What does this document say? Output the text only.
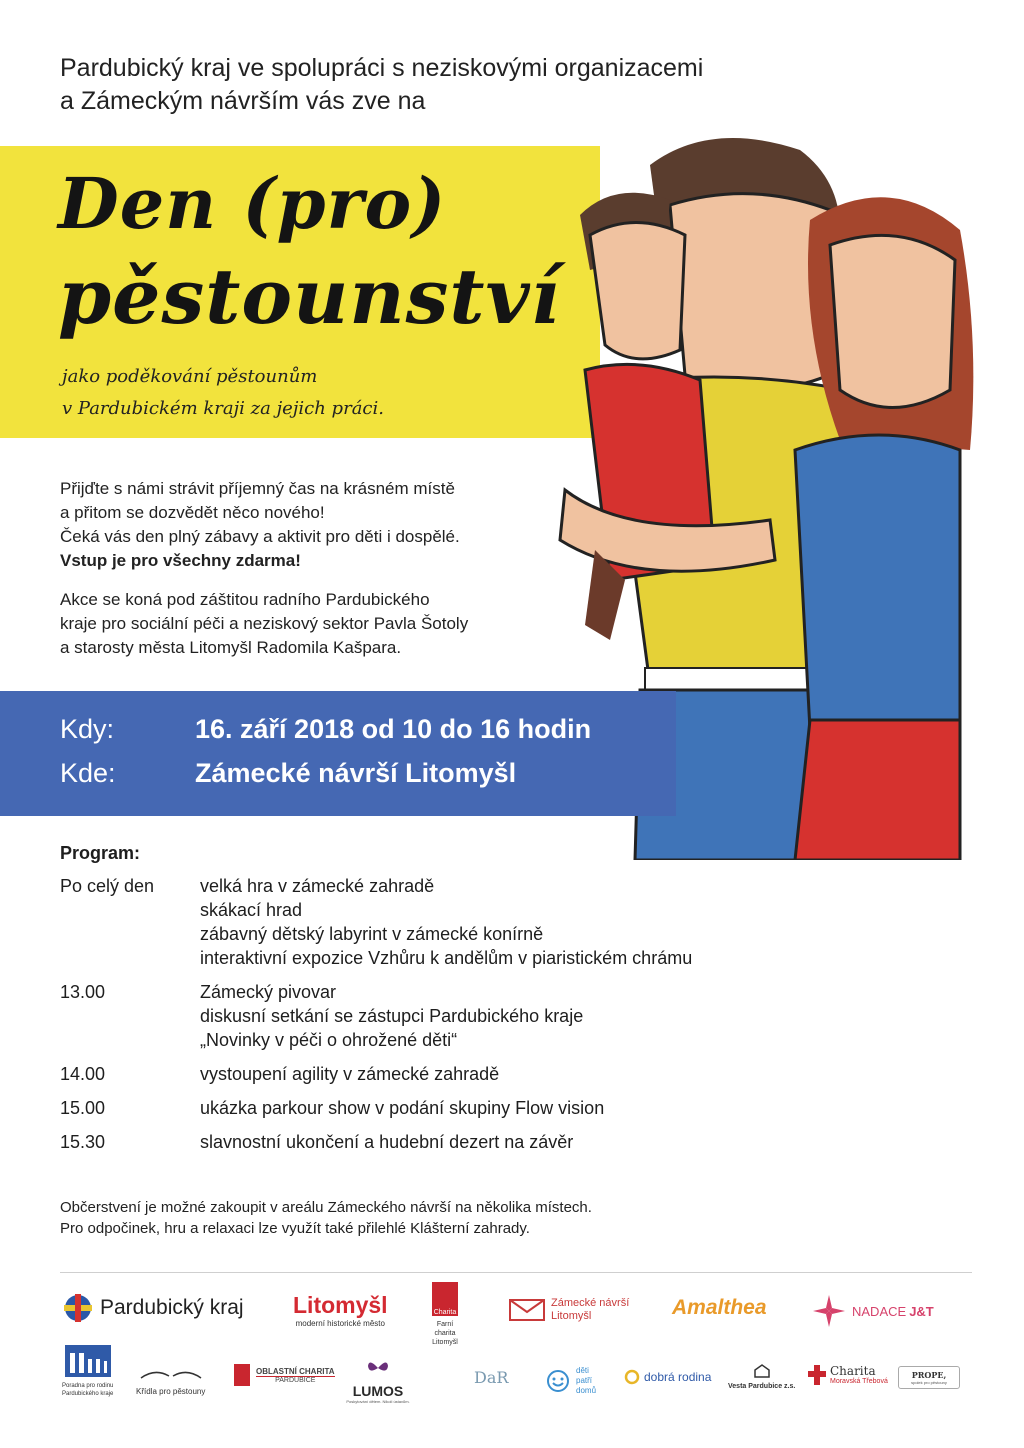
Pardubický kraj ve spolupráci s neziskovými organizacemi
a Zámeckým návrším vás zve na
Den (pro)
pěstounství
jako poděkování pěstounům
v Pardubickém kraji za jejich práci.
Přijďte s námi strávit příjemný čas na krásném místě
a přitom se dozvědět něco nového!
Čeká vás den plný zábavy a aktivit pro děti i dospělé.
Vstup je pro všechny zdarma!
Akce se koná pod záštitou radního Pardubického
kraje pro sociální péči a neziskový sektor Pavla Šotoly
a starosty města Litomyšl Radomila Kašpara.
Kdy:	16. září 2018 od 10 do 16 hodin
Kde:	Zámecké návrší Litomyšl
Program:
Po celý den	velká hra v zámecké zahradě
skákací hrad
zábavný dětský labyrint v zámecké konírně
interaktivní expozice Vzhůru k andělům v piaristickém chrámu
13.00	Zámecký pivovar
diskusní setkání se zástupci Pardubického kraje
„Novinky v péči o ohrožené děti“
14.00	vystoupení agility v zámecké zahradě
15.00	ukázka parkour show v podání skupiny Flow vision
15.30	slavnostní ukončení a hudební dezert na závěr
Občerstvení je možné zakoupit v areálu Zámeckého návrší na několika místech.
Pro odpočinek, hru a relaxaci lze využít také přilehlé Klášterní zahrady.
Pardubický kraj Litomyšl
moderní historické město
Charita
Farní
charita
Litomyšl
Zámecké návrší
Litomyšl	Amalthea	NADACE J&T
Poradna pro rodinu
Pardubického kraje	Křídla pro pěstouny
OBLASTNÍ CHARITA
PARDUBICE
LUMOS
Poskytování dětem. Nikoli ústavům.
DaR	děti
patří
domů
dobrá rodina
Vesta Pardubice z.s.
Charita
Moravská Třebová
PROPE,
spolek pro pěstouny
